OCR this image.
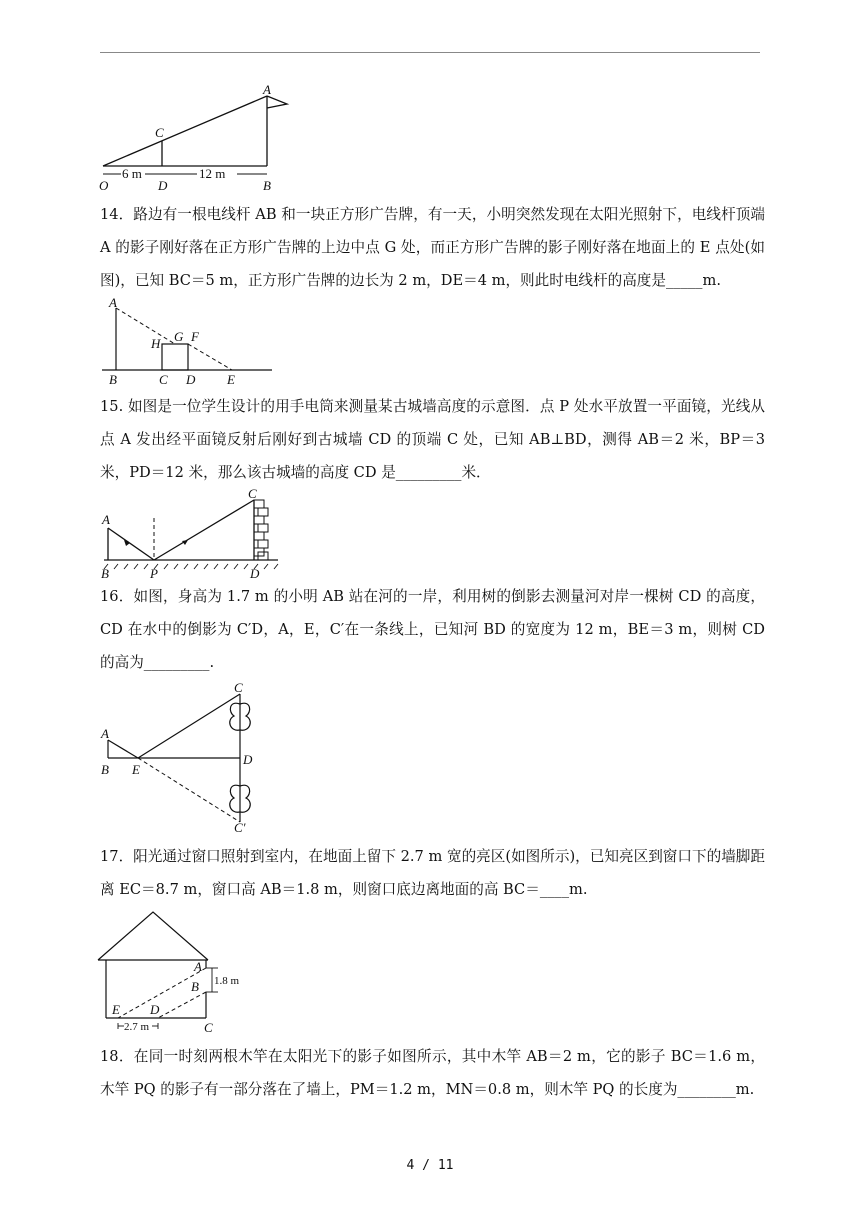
A
C
O	D	B
6 m	12 m
14．路边有一根电线杆 AB 和一块正方形广告牌，有一天，小明突然发现在太阳光照射下，电线杆顶端 A 的影子刚好落在正方形广告牌的上边中点 G 处，而正方形广告牌的影子刚好落在地面上的 E 点处(如图)，已知 BC＝5 m，正方形广告牌的边长为 2 m，DE＝4 m，则此时电线杆的高度是_____m.
A
H G F
B	C D E
15. 如图是一位学生设计的用手电筒来测量某古城墙高度的示意图．点 P 处水平放置一平面镜，光线从点 A 发出经平面镜反射后刚好到古城墙 CD 的顶端 C 处，已知 AB⊥BD，测得 AB＝2 米，BP＝3 米，PD＝12 米，那么该古城墙的高度 CD 是_________米．
A
C
B	P	D
16．如图，身高为 1.7 m 的小明 AB 站在河的一岸，利用树的倒影去测量河对岸一棵树 CD 的高度，CD 在水中的倒影为 C′D，A，E，C′在一条线上，已知河 BD 的宽度为 12 m，BE＝3 m，则树 CD 的高为_________.
A
B E
C
D
C′
17．阳光通过窗口照射到室内，在地面上留下 2.7 m 宽的亮区(如图所示)，已知亮区到窗口下的墙脚距离 EC＝8.7 m，窗口高 AB＝1.8 m，则窗口底边离地面的高 BC＝____m.
A
B
E D
C
1.8 m
2.7 m
18．在同一时刻两根木竿在太阳光下的影子如图所示，其中木竿 AB＝2 m，它的影子 BC＝1.6 m，木竿 PQ 的影子有一部分落在了墙上，PM＝1.2 m，MN＝0.8 m，则木竿 PQ 的长度为________m.
4 / 11
